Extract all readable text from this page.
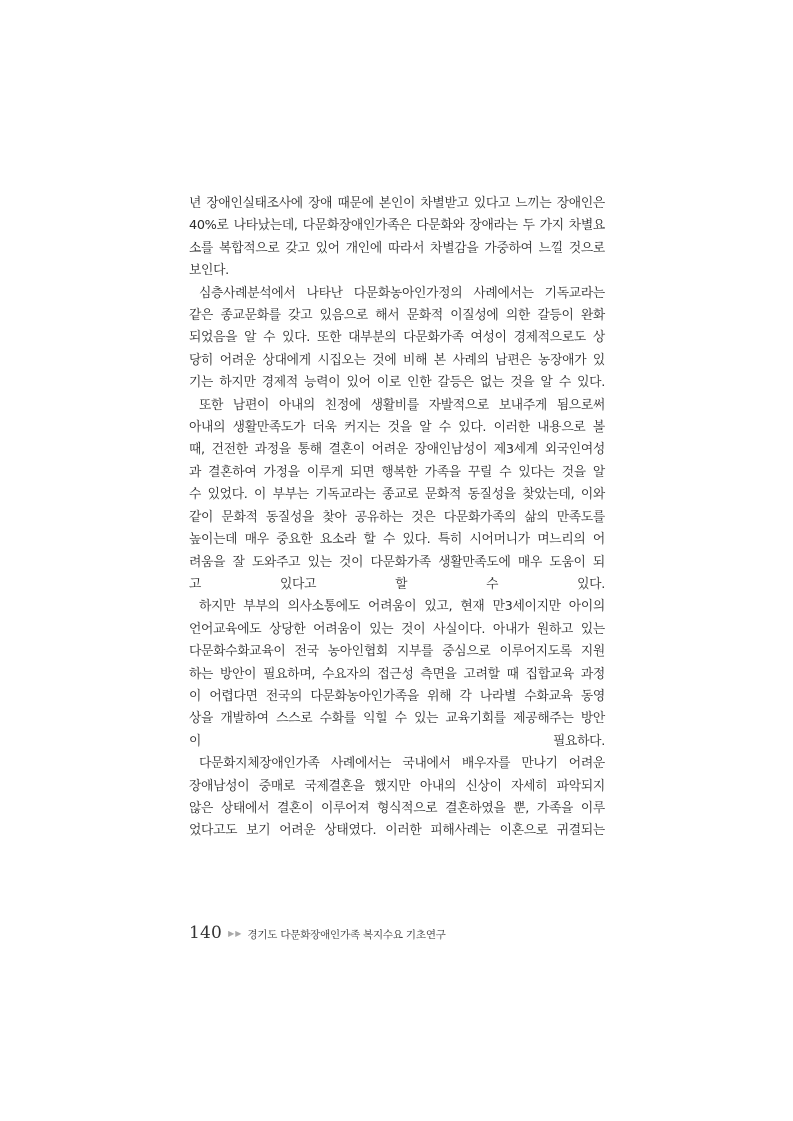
년 장애인실태조사에 장애 때문에 본인이 차별받고 있다고 느끼는 장애인은
40%로 나타났는데, 다문화장애인가족은 다문화와 장애라는 두 가지 차별요
소를 복합적으로 갖고 있어 개인에 따라서 차별감을 가중하여 느낄 것으로
보인다.

심층사례분석에서 나타난 다문화농아인가정의 사례에서는 기독교라는
같은 종교문화를 갖고 있음으로 해서 문화적 이질성에 의한 갈등이 완화
되었음을 알 수 있다. 또한 대부분의 다문화가족 여성이 경제적으로도 상
당히 어려운 상대에게 시집오는 것에 비해 본 사례의 남편은 농장애가 있
기는 하지만 경제적 능력이 있어 이로 인한 갈등은 없는 것을 알 수 있다.

또한 남편이 아내의 친정에 생활비를 자발적으로 보내주게 됨으로써
아내의 생활만족도가 더욱 커지는 것을 알 수 있다. 이러한 내용으로 볼
때, 건전한 과정을 통해 결혼이 어려운 장애인남성이 제3세계 외국인여성
과 결혼하여 가정을 이루게 되면 행복한 가족을 꾸릴 수 있다는 것을 알
수 있었다. 이 부부는 기독교라는 종교로 문화적 동질성을 찾았는데, 이와
같이 문화적 동질성을 찾아 공유하는 것은 다문화가족의 삶의 만족도를
높이는데 매우 중요한 요소라 할 수 있다. 특히 시어머니가 며느리의 어
려움을 잘 도와주고 있는 것이 다문화가족 생활만족도에 매우 도움이 되
고 있다고 할 수 있다.

하지만 부부의 의사소통에도 어려움이 있고, 현재 만3세이지만 아이의
언어교육에도 상당한 어려움이 있는 것이 사실이다. 아내가 원하고 있는
다문화수화교육이 전국 농아인협회 지부를 중심으로 이루어지도록 지원
하는 방안이 필요하며, 수요자의 접근성 측면을 고려할 때 집합교육 과정
이 어렵다면 전국의 다문화농아인가족을 위해 각 나라별 수화교육 동영
상을 개발하여 스스로 수화를 익힐 수 있는 교육기회를 제공해주는 방안
이 필요하다.

다문화지체장애인가족 사례에서는 국내에서 배우자를 만나기 어려운
장애남성이 중매로 국제결혼을 했지만 아내의 신상이 자세히 파악되지
않은 상태에서 결혼이 이루어져 형식적으로 결혼하였을 뿐, 가족을 이루
었다고도 보기 어려운 상태였다. 이러한 피해사례는 이혼으로 귀결되는

140 ▶ ▶ 경기도 다문화장애인가족 복지수요 기초연구
